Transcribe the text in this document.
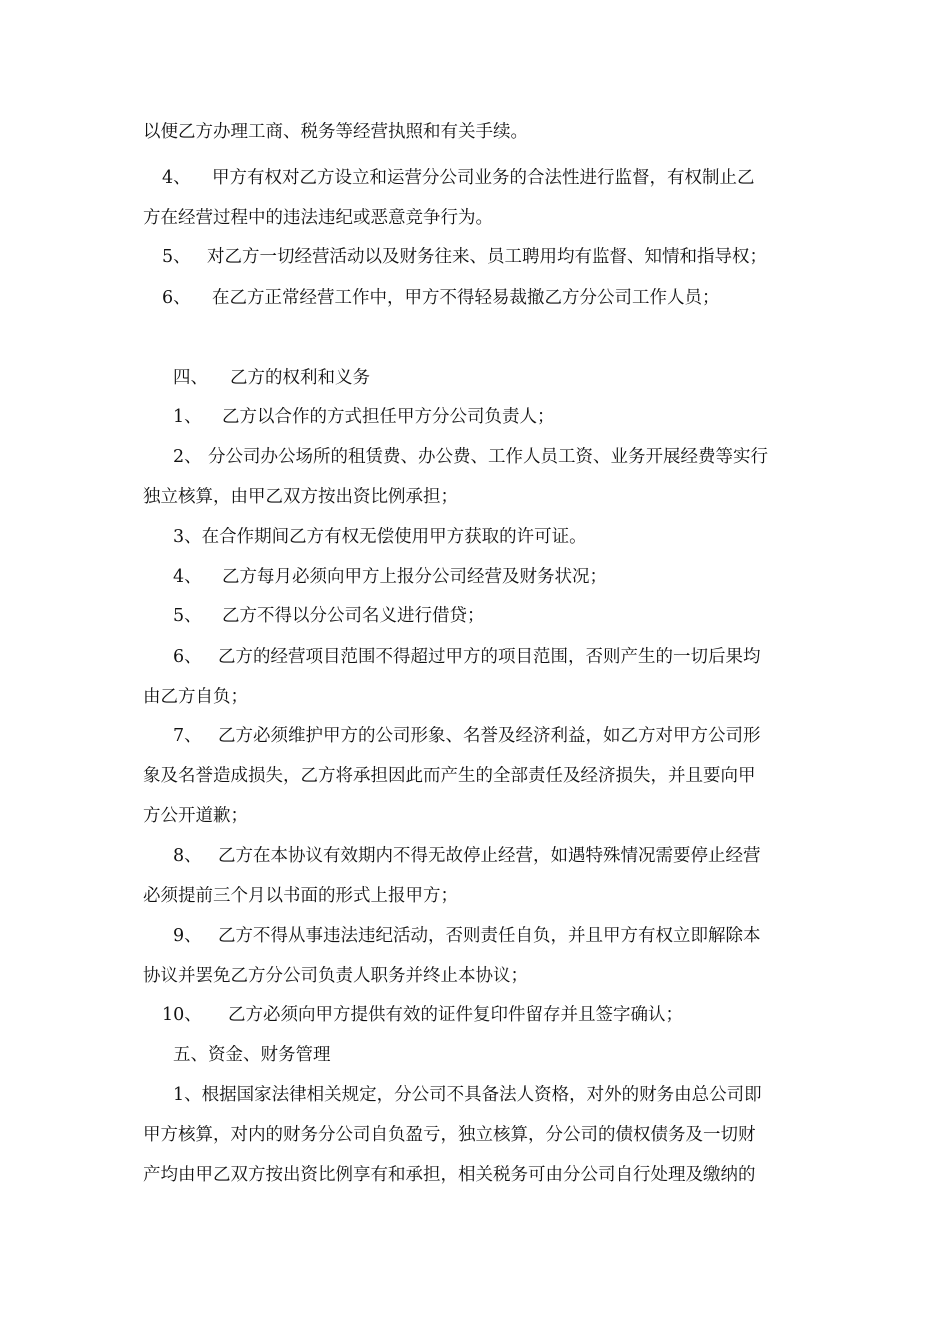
以便乙方办理工商、税务等经营执照和有关手续。
4、 甲方有权对乙方设立和运营分公司业务的合法性进行监督，有权制止乙
方在经营过程中的违法违纪或恶意竞争行为。
5、 对乙方一切经营活动以及财务往来、员工聘用均有监督、知情和指导权；
6、 在乙方正常经营工作中，甲方不得轻易裁撤乙方分公司工作人员；
四、 乙方的权利和义务
1、 乙方以合作的方式担任甲方分公司负责人；
2、 分公司办公场所的租赁费、办公费、工作人员工资、业务开展经费等实行
独立核算，由甲乙双方按出资比例承担；
3、在合作期间乙方有权无偿使用甲方获取的许可证。
4、 乙方每月必须向甲方上报分公司经营及财务状况；
5、 乙方不得以分公司名义进行借贷；
6、 乙方的经营项目范围不得超过甲方的项目范围，否则产生的一切后果均
由乙方自负；
7、 乙方必须维护甲方的公司形象、名誉及经济利益，如乙方对甲方公司形
象及名誉造成损失，乙方将承担因此而产生的全部责任及经济损失，并且要向甲
方公开道歉；
8、 乙方在本协议有效期内不得无故停止经营，如遇特殊情况需要停止经营
必须提前三个月以书面的形式上报甲方；
9、 乙方不得从事违法违纪活动，否则责任自负，并且甲方有权立即解除本
协议并罢免乙方分公司负责人职务并终止本协议；
10、 乙方必须向甲方提供有效的证件复印件留存并且签字确认；
五、资金、财务管理
1、根据国家法律相关规定，分公司不具备法人资格，对外的财务由总公司即
甲方核算，对内的财务分公司自负盈亏，独立核算，分公司的债权债务及一切财
产均由甲乙双方按出资比例享有和承担，相关税务可由分公司自行处理及缴纳的
